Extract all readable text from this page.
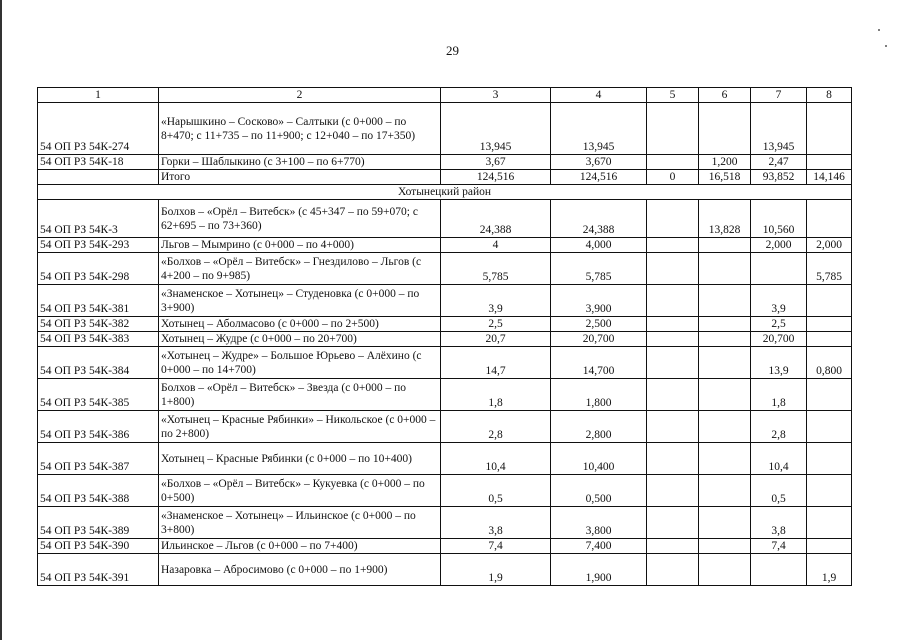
29
1	2	3	4	5	6	7	8
54 ОП РЗ 54К-274	«Нарышкино – Сосково» – Салтыки (с 0+000 – по 8+470; с 11+735 – по 11+900; с 12+040 – по 17+350)	13,945	13,945			13,945	
54 ОП РЗ 54К-18	Горки – Шаблыкино (с 3+100 – по 6+770)	3,67	3,670		1,200	2,47	
	Итого	124,516	124,516	0	16,518	93,852	14,146
Хотынецкий район							
54 ОП РЗ 54К-3	Болхов – «Орёл – Витебск» (с 45+347 – по 59+070; с 62+695 – по 73+360)	24,388	24,388		13,828	10,560	
54 ОП РЗ 54К-293	Льгов – Мымрино (с 0+000 – по 4+000)	4	4,000			2,000	2,000
54 ОП РЗ 54К-298	«Болхов – «Орёл – Витебск» – Гнездилово – Льгов (с 4+200 – по 9+985)	5,785	5,785				5,785
54 ОП РЗ 54К-381	«Знаменское – Хотынец» – Студеновка (с 0+000 – по 3+900)	3,9	3,900			3,9	
54 ОП РЗ 54К-382	Хотынец – Аболмасово (с 0+000 – по 2+500)	2,5	2,500			2,5	
54 ОП РЗ 54К-383	Хотынец – Жудре (с 0+000 – по 20+700)	20,7	20,700			20,700	
54 ОП РЗ 54К-384	«Хотынец – Жудре» – Большое Юрьево – Алёхино (с 0+000 – по 14+700)	14,7	14,700			13,9	0,800
54 ОП РЗ 54К-385	Болхов – «Орёл – Витебск» – Звезда (с 0+000 – по 1+800)	1,8	1,800			1,8	
54 ОП РЗ 54К-386	«Хотынец – Красные Рябинки» – Никольское (с 0+000 – по 2+800)	2,8	2,800			2,8	
54 ОП РЗ 54К-387	Хотынец – Красные Рябинки (с 0+000 – по 10+400)	10,4	10,400			10,4	
54 ОП РЗ 54К-388	«Болхов – «Орёл – Витебск» – Кукуевка (с 0+000 – по 0+500)	0,5	0,500			0,5	
54 ОП РЗ 54К-389	«Знаменское – Хотынец» – Ильинское (с 0+000 – по 3+800)	3,8	3,800			3,8	
54 ОП РЗ 54К-390	Ильинское – Льгов (с 0+000 – по 7+400)	7,4	7,400			7,4	
54 ОП РЗ 54К-391	Назаровка – Абросимово (с 0+000 – по 1+900)	1,9	1,900				1,9
